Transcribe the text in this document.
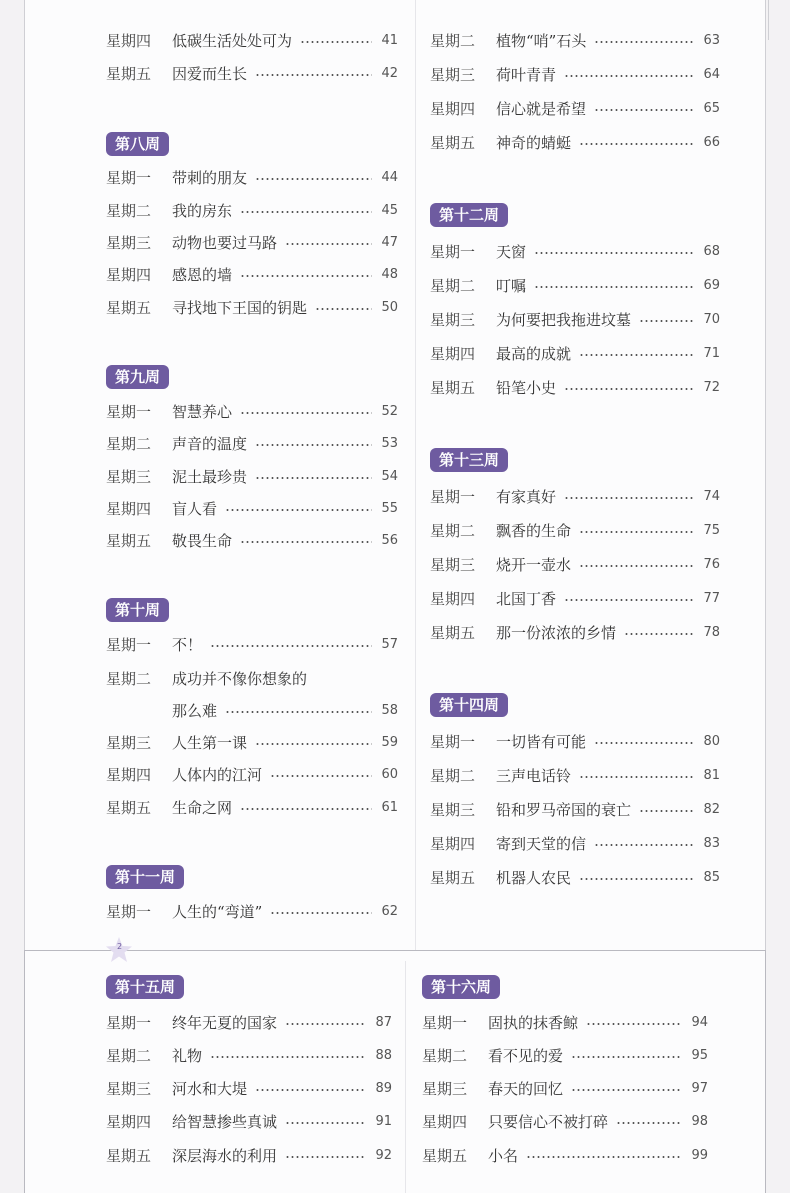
2
星期四 低碳生活处处可为	41
星期五 因爱而生长	42
第八周
星期一 带刺的朋友	44
星期二 我的房东	45
星期三 动物也要过马路	47
星期四 感恩的墙	48
星期五 寻找地下王国的钥匙	50
第九周
星期一 智慧养心	52
星期二 声音的温度	53
星期三 泥土最珍贵	54
星期四 盲人看	55
星期五 敬畏生命	56
第十周
星期一 不！	57
星期二 成功并不像你想象的
那么难	58
星期三 人生第一课	59
星期四 人体内的江河	60
星期五 生命之网	61
第十一周
星期一 人生的“弯道”	62
星期二 植物“哨”石头	63
星期三 荷叶青青	64
星期四 信心就是希望	65
星期五 神奇的蜻蜓	66
第十二周
星期一 天窗	68
星期二 叮嘱	69
星期三 为何要把我拖进坟墓	70
星期四 最高的成就	71
星期五 铅笔小史	72
第十三周
星期一 有家真好	74
星期二 飘香的生命	75
星期三 烧开一壶水	76
星期四 北国丁香	77
星期五 那一份浓浓的乡情	78
第十四周
星期一 一切皆有可能	80
星期二 三声电话铃	81
星期三 铅和罗马帝国的衰亡	82
星期四 寄到天堂的信	83
星期五 机器人农民	85
第十五周
星期一 终年无夏的国家	87
星期二 礼物	88
星期三 河水和大堤	89
星期四 给智慧掺些真诚	91
星期五 深层海水的利用	92
第十六周
星期一 固执的抹香鲸	94
星期二 看不见的爱	95
星期三 春天的回忆	97
星期四 只要信心不被打碎	98
星期五 小名	99
